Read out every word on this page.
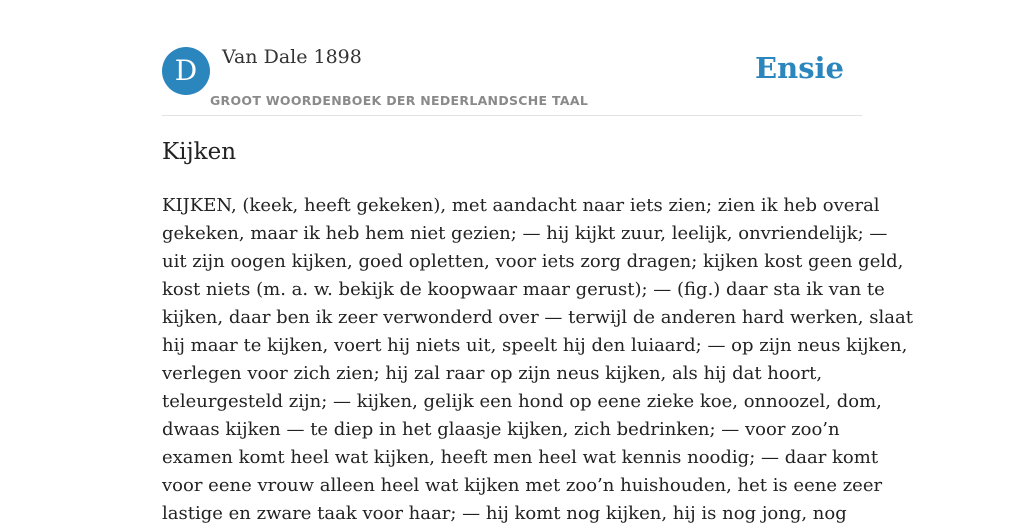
D	Van Dale 1898
GROOT WOORDENBOEK DER NEDERLANDSCHE TAAL
Ensie
Kijken
KIJKEN, (keek, heeft gekeken), met aandacht naar iets zien; zien ik heb overal
gekeken, maar ik heb hem niet gezien; — hij kijkt zuur, leelijk, onvriendelijk; —
uit zijn oogen kijken, goed opletten, voor iets zorg dragen; kijken kost geen geld,
kost niets (m. a. w. bekijk de koopwaar maar gerust); — (fig.) daar sta ik van te
kijken, daar ben ik zeer verwonderd over — terwijl de anderen hard werken, slaat
hij maar te kijken, voert hij niets uit, speelt hij den luiaard; — op zijn neus kijken,
verlegen voor zich zien; hij zal raar op zijn neus kijken, als hij dat hoort,
teleurgesteld zijn; — kijken, gelijk een hond op eene zieke koe, onnoozel, dom,
dwaas kijken — te diep in het glaasje kijken, zich bedrinken; — voor zoo’n
examen komt heel wat kijken, heeft men heel wat kennis noodig; — daar komt
voor eene vrouw alleen heel wat kijken met zoo’n huishouden, het is eene zeer
lastige en zware taak voor haar; — hij komt nog kijken, hij is nog jong, nog
